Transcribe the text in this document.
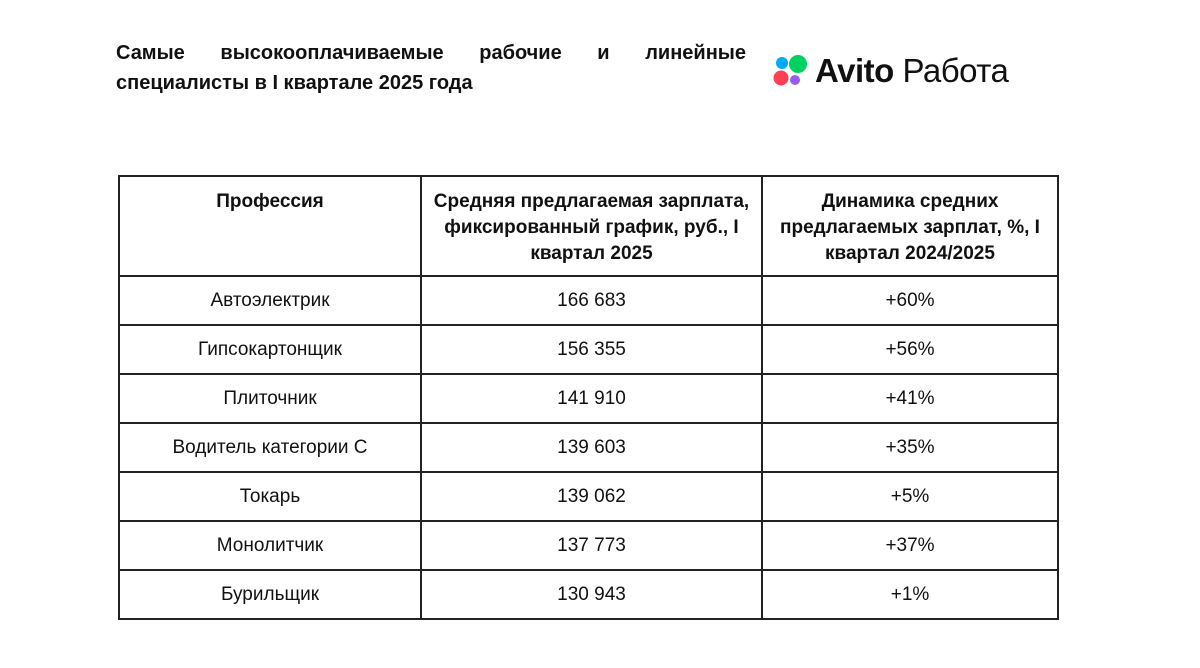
Самые высокооплачиваемые рабочие и линейные специалисты в I квартале 2025 года	Avito Работа
Профессия	Средняя предлагаемая зарплата, фиксированный график, руб., I квартал 2025	Динамика средних предлагаемых зарплат, %, I квартал 2024/2025
Автоэлектрик	166 683	+60%
Гипсокартонщик	156 355	+56%
Плиточник	141 910	+41%
Водитель категории С	139 603	+35%
Токарь	139 062	+5%
Монолитчик	137 773	+37%
Бурильщик	130 943	+1%
